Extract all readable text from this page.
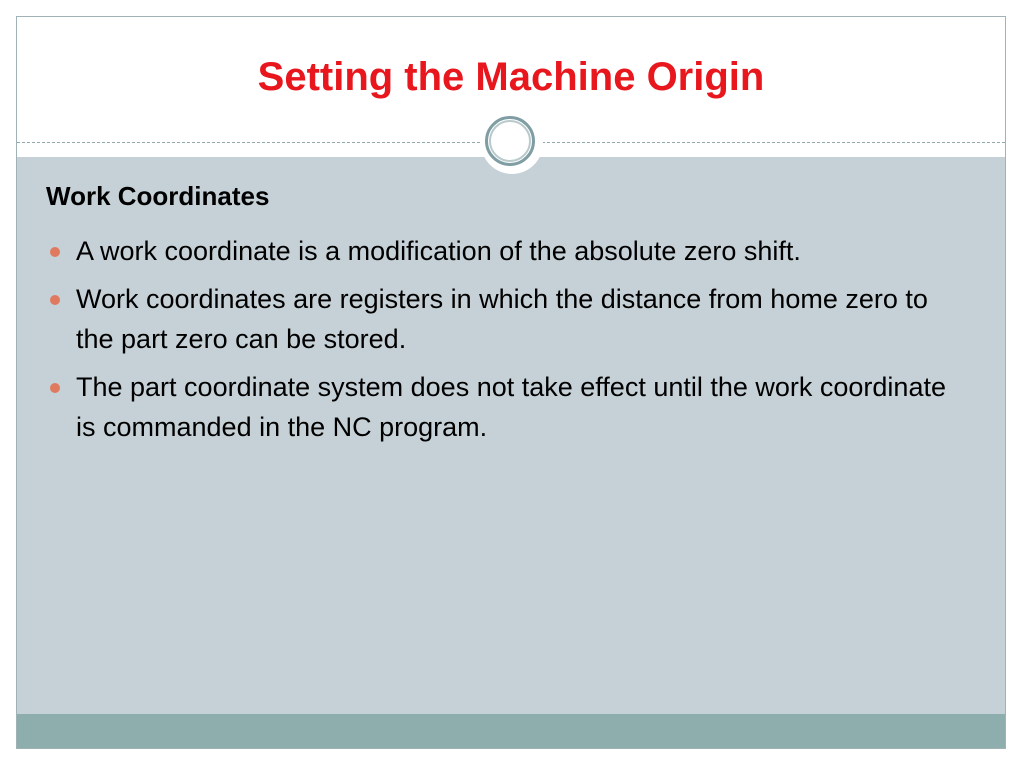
Setting the Machine Origin
Work Coordinates
A work coordinate is a modification of the absolute zero shift.
Work coordinates are registers in which the distance from home zero to the part zero can be stored.
The part coordinate system does not take effect until the work coordinate is commanded in the NC program.
